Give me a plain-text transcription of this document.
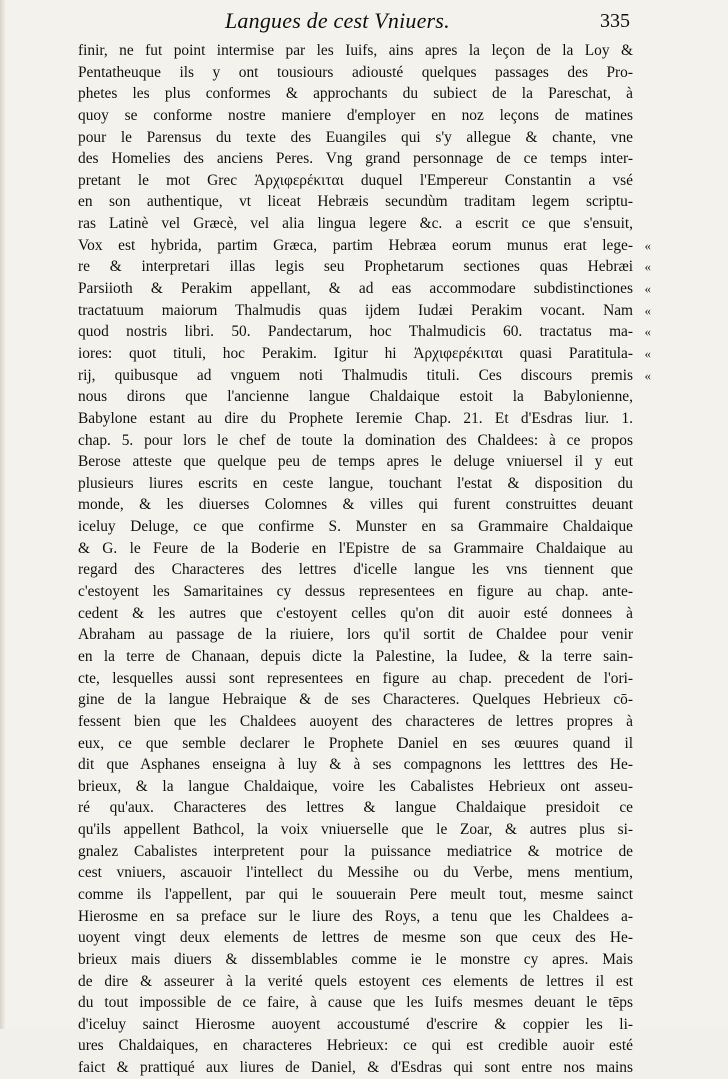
Langues de cest Vniuers.	335
finir, ne fut point intermise par les Iuifs, ains apres la leçon de la Loy &
Pentatheuque ils y ont tousiours adiousté quelques passages des Pro-
phetes les plus conformes & approchants du subiect de la Pareschat, à
quoy se conforme nostre maniere d'employer en noz leçons de matines
pour le Parensus du texte des Euangiles qui s'y allegue & chante, vne
des Homelies des anciens Peres. Vng grand personnage de ce temps inter-
pretant le mot Grec Ἀρχιφερέκιται duquel l'Empereur Constantin a vsé
en son authentique, vt liceat Hebræis secundùm traditam legem scriptu-
ras Latinè vel Græcè, vel alia lingua legere &c. a escrit ce que s'ensuit,
Vox est hybrida, partim Græca, partim Hebræa eorum munus erat lege- «
re & interpretari illas legis seu Prophetarum sectiones quas Hebræi «
Parsiioth & Perakim appellant, & ad eas accommodare subdistinctiones «
tractatuum maiorum Thalmudis quas ijdem Iudæi Perakim vocant. Nam «
quod nostris libri. 50. Pandectarum, hoc Thalmudicis 60. tractatus ma- «
iores: quot tituli, hoc Perakim. Igitur hi Ἀρχιφερέκιται quasi Paratitula- «
rij, quibusque ad vnguem noti Thalmudis tituli. Ces discours premis «
nous dirons que l'ancienne langue Chaldaique estoit la Babylonienne,
Babylone estant au dire du Prophete Ieremie Chap. 21. Et d'Esdras liur. 1.
chap. 5. pour lors le chef de toute la domination des Chaldees: à ce propos
Berose atteste que quelque peu de temps apres le deluge vniuersel il y eut
plusieurs liures escrits en ceste langue, touchant l'estat & disposition du
monde, & les diuerses Colomnes & villes qui furent construittes deuant
iceluy Deluge, ce que confirme S. Munster en sa Grammaire Chaldaique
& G. le Feure de la Boderie en l'Epistre de sa Grammaire Chaldaique au
regard des Characteres des lettres d'icelle langue les vns tiennent que
c'estoyent les Samaritaines cy dessus representees en figure au chap. ante-
cedent & les autres que c'estoyent celles qu'on dit auoir esté donnees à
Abraham au passage de la riuiere, lors qu'il sortit de Chaldee pour venir
en la terre de Chanaan, depuis dicte la Palestine, la Iudee, & la terre sain-
cte, lesquelles aussi sont representees en figure au chap. precedent de l'ori-
gine de la langue Hebraique & de ses Characteres. Quelques Hebrieux cō-
fessent bien que les Chaldees auoyent des characteres de lettres propres à
eux, ce que semble declarer le Prophete Daniel en ses œuures quand il
dit que Asphanes enseigna à luy & à ses compagnons les letttres des He-
brieux, & la langue Chaldaique, voire les Cabalistes Hebrieux ont asseu-
ré qu'aux. Characteres des lettres & langue Chaldaique presidoit ce
qu'ils appellent Bathcol, la voix vniuerselle que le Zoar, & autres plus si-
gnalez Cabalistes interpretent pour la puissance mediatrice & motrice de
cest vniuers, ascauoir l'intellect du Messihe ou du Verbe, mens mentium,
comme ils l'appellent, par qui le souuerain Pere meult tout, mesme sainct
Hierosme en sa preface sur le liure des Roys, a tenu que les Chaldees a-
uoyent vingt deux elements de lettres de mesme son que ceux des He-
brieux mais diuers & dissemblables comme ie le monstre cy apres. Mais
de dire & asseurer à la verité quels estoyent ces elements de lettres il est
du tout impossible de ce faire, à cause que les Iuifs mesmes deuant le tēps
d'iceluy sainct Hierosme auoyent accoustumé d'escrire & coppier les li-
ures Chaldaiques, en characteres Hebrieux: ce qui est credible auoir esté
faict & prattiqué aux liures de Daniel, & d'Esdras qui sont entre nos mains
